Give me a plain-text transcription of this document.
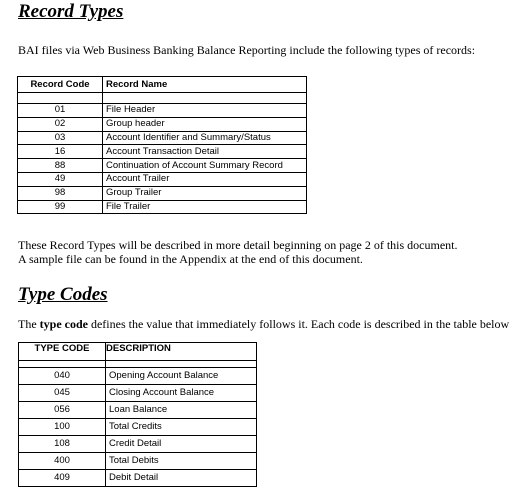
Record Types

BAI files via Web Business Banking Balance Reporting include the following types of records:

Record Code	Record Name

01	File Header
02	Group header
03	Account Identifier and Summary/Status
16	Account Transaction Detail
88	Continuation of Account Summary Record
49	Account Trailer
98	Group Trailer
99	File Trailer

These Record Types will be described in more detail beginning on page 2 of this document.

A sample file can be found in the Appendix at the end of this document.

Type Codes

The type code defines the value that immediately follows it. Each code is described in the table below

TYPE CODE	DESCRIPTION

040	Opening Account Balance
045	Closing Account Balance
056	Loan Balance
100	Total Credits
108	Credit Detail
400	Total Debits
409	Debit Detail
